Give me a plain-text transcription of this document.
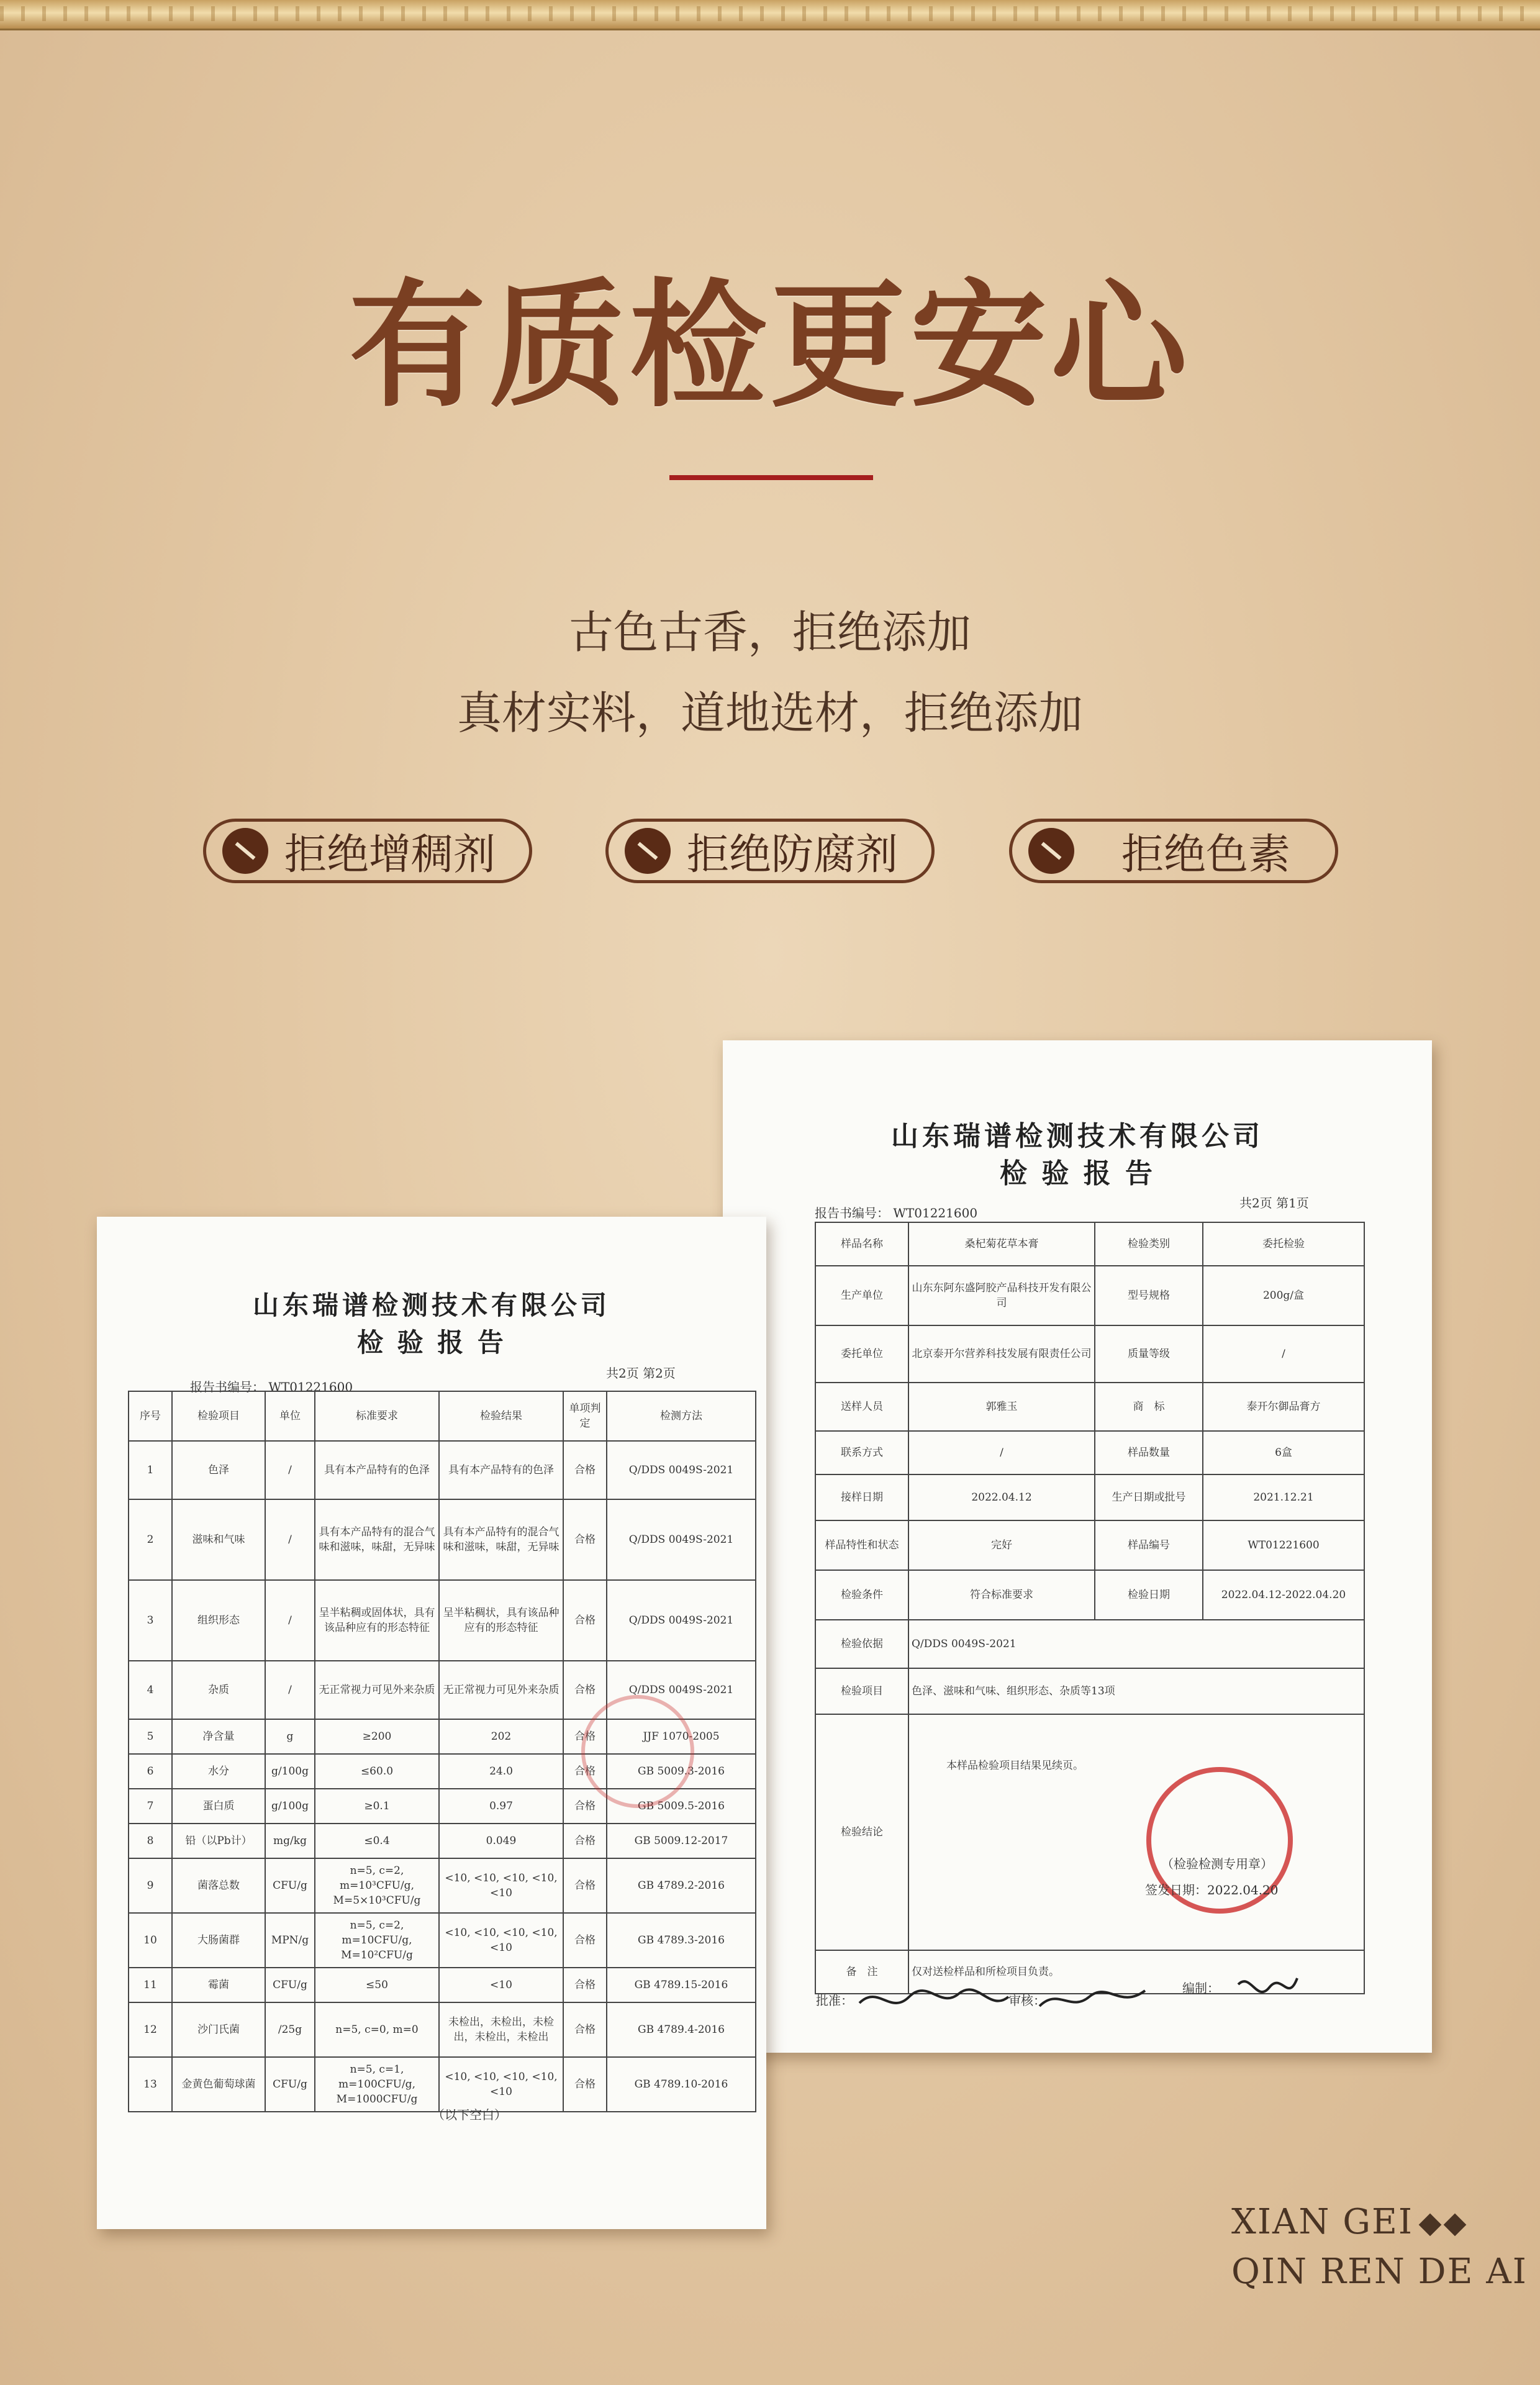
有质检更安心
古色古香，拒绝添加
真材实料，道地选材，拒绝添加
拒绝增稠剂	拒绝防腐剂	拒绝色素
山东瑞谱检测技术有限公司
检 验 报 告
报告书编号： WT01221600
共2页 第1页
样品名称	桑杞菊花草本膏	检验类别	委托检验
生产单位	山东东阿东盛阿胶产品科技开发有限公司	型号规格	200g/盒
委托单位	北京泰开尔营养科技发展有限责任公司	质量等级	/
送样人员	郭雅玉	商　标	泰开尔御品膏方
联系方式	/	样品数量	6盒
接样日期	2022.04.12	生产日期或批号	2021.12.21
样品特性和状态	完好	样品编号	WT01221600
检验条件	符合标准要求	检验日期	2022.04.12-2022.04.20
检验依据	Q/DDS 0049S-2021		
检验项目	色泽、滋味和气味、组织形态、杂质等13项		
检验结论	本样品检验项目结果见续页。		
备　注	仅对送检样品和所检项目负责。		
（检验检测专用章）
签发日期：2022.04.20
批准：	审核：
编制：
山东瑞谱检测技术有限公司
检 验 报 告
报告书编号： WT01221600
共2页 第2页
序号	检验项目	单位	标准要求	检验结果	单项判定	检测方法
1	色泽	/	具有本产品特有的色泽	具有本产品特有的色泽	合格	Q/DDS 0049S-2021
2	滋味和气味	/	具有本产品特有的混合气味和滋味，味甜，无异味	具有本产品特有的混合气味和滋味，味甜，无异味	合格	Q/DDS 0049S-2021
3	组织形态	/	呈半粘稠或固体状，具有该品种应有的形态特征	呈半粘稠状，具有该品种应有的形态特征	合格	Q/DDS 0049S-2021
4	杂质	/	无正常视力可见外来杂质	无正常视力可见外来杂质	合格	Q/DDS 0049S-2021
5	净含量	g	≥200	202	合格	JJF 1070-2005
6	水分	g/100g	≤60.0	24.0	合格	GB 5009.3-2016
7	蛋白质	g/100g	≥0.1	0.97	合格	GB 5009.5-2016
8	铅（以Pb计）	mg/kg	≤0.4	0.049	合格	GB 5009.12-2017
9	菌落总数	CFU/g	n=5, c=2, m=10³CFU/g, M=5×10³CFU/g	<10, <10, <10, <10, <10	合格	GB 4789.2-2016
10	大肠菌群	MPN/g	n=5, c=2, m=10CFU/g, M=10²CFU/g	<10, <10, <10, <10, <10	合格	GB 4789.3-2016
11	霉菌	CFU/g	≤50	<10	合格	GB 4789.15-2016
12	沙门氏菌	/25g	n=5, c=0, m=0	未检出，未检出，未检出，未检出，未检出	合格	GB 4789.4-2016
13	金黄色葡萄球菌	CFU/g	n=5, c=1, m=100CFU/g, M=1000CFU/g	<10, <10, <10, <10, <10	合格	GB 4789.10-2016
（以下空白）
XIAN GEI
QIN REN DE AI
